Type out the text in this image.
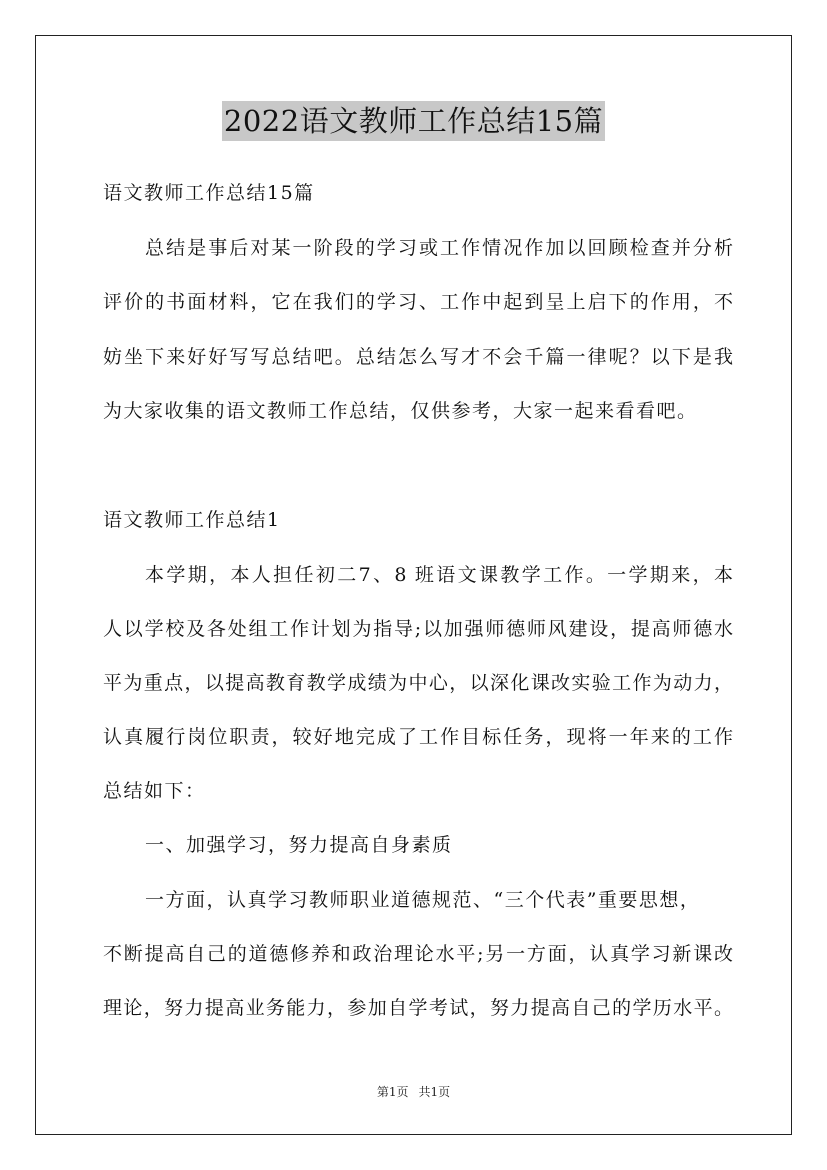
2022语文教师工作总结15篇
语文教师工作总结15篇
总结是事后对某一阶段的学习或工作情况作加以回顾检查并分析
评价的书面材料，它在我们的学习、工作中起到呈上启下的作用，不
妨坐下来好好写写总结吧。总结怎么写才不会千篇一律呢？以下是我
为大家收集的语文教师工作总结，仅供参考，大家一起来看看吧。
语文教师工作总结1
本学期，本人担任初二7、8 班语文课教学工作。一学期来，本
人以学校及各处组工作计划为指导;以加强师德师风建设，提高师德水
平为重点，以提高教育教学成绩为中心，以深化课改实验工作为动力，
认真履行岗位职责，较好地完成了工作目标任务，现将一年来的工作
总结如下：
一、加强学习，努力提高自身素质
一方面，认真学习教师职业道德规范、“三个代表”重要思想，
不断提高自己的道德修养和政治理论水平;另一方面，认真学习新课改
理论，努力提高业务能力，参加自学考试，努力提高自己的学历水平。
第1页 共1页
